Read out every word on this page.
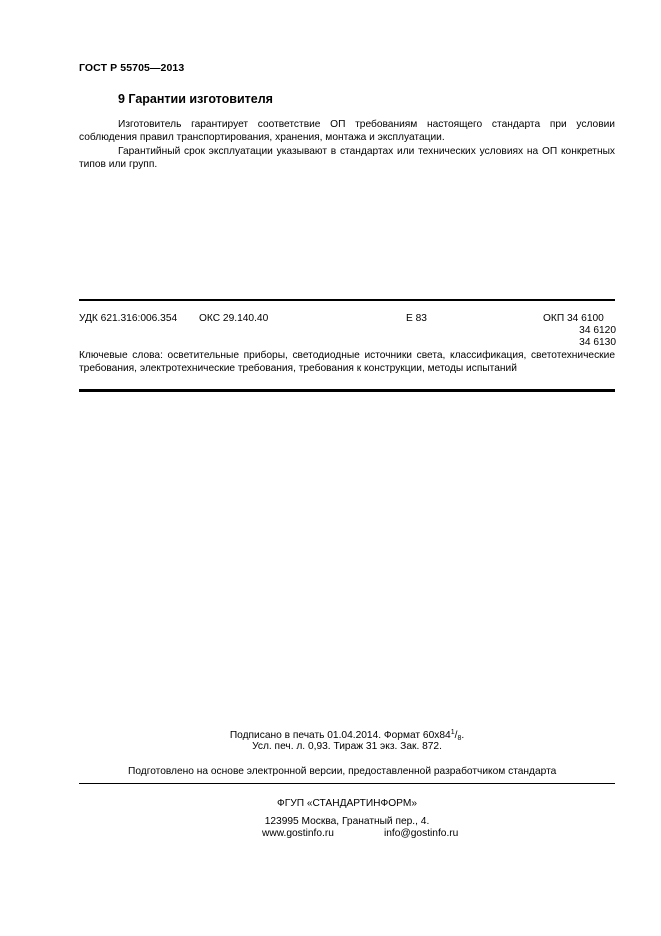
ГОСТ Р 55705—2013
9 Гарантии изготовителя
Изготовитель гарантирует соответствие ОП требованиям настоящего стандарта при условии соблюдения правил транспортирования, хранения, монтажа и эксплуатации.
Гарантийный срок эксплуатации указывают в стандартах или технических условиях на ОП конкретных типов или групп.
УДК 621.316:006.354 ОКС 29.140.40	Е 83	ОКП 34 6100
34 6120
34 6130
Ключевые слова: осветительные приборы, светодиодные источники света, классификация, светотехнические требования, электротехнические требования, требования к конструкции, методы испытаний
Подписано в печать 01.04.2014. Формат $60x84^1/_8$.
Усл. печ. л. 0,93. Тираж 31 экз. Зак. 872.
Подготовлено на основе электронной версии, предоставленной разработчиком стандарта
ФГУП «СТАНДАРТИНФОРМ»
123995 Москва, Гранатный пер., 4.
www.gostinfo.ru	info@gostinfo.ru
